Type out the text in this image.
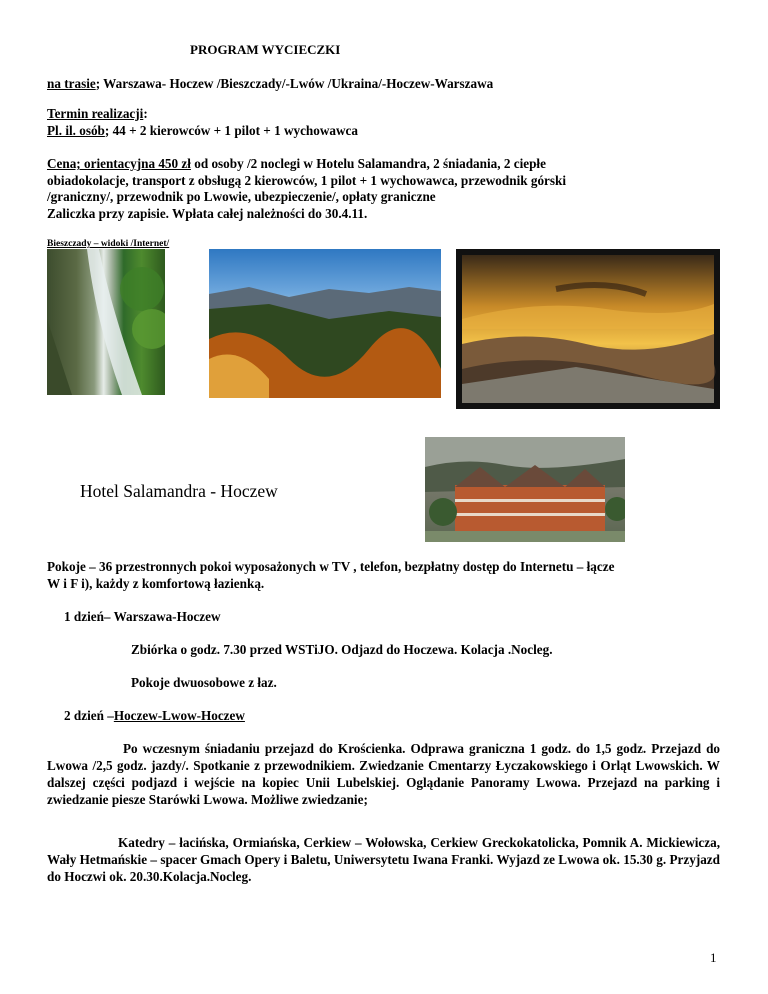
PROGRAM WYCIECZKI
na trasie; Warszawa- Hoczew /Bieszczady/-Lwów /Ukraina/-Hoczew-Warszawa
Termin realizacji:
Pl. il. osób; 44 + 2 kierowców + 1 pilot + 1 wychowawca
Cena; orientacyjna 450 zł od osoby /2 noclegi w Hotelu Salamandra, 2 śniadania, 2 ciepłe
obiadokolacje, transport z obsługą 2 kierowców, 1 pilot + 1 wychowawca, przewodnik górski
/graniczny/, przewodnik po Lwowie, ubezpieczenie/, opłaty graniczne
Zaliczka przy zapisie. Wpłata całej należności do 30.4.11.
Bieszczady – widoki /Internet/
Hotel Salamandra - Hoczew
Pokoje – 36 przestronnych pokoi wyposażonych w TV , telefon, bezpłatny dostęp do Internetu – łącze
W i F i), każdy z komfortową łazienką.
1 dzień– Warszawa-Hoczew
Zbiórka o godz. 7.30 przed WSTiJO. Odjazd do Hoczewa. Kolacja .Nocleg.
Pokoje dwuosobowe z łaz.
2 dzień –Hoczew-Lwow-Hoczew
Po wczesnym śniadaniu przejazd do Krościenka. Odprawa graniczna 1 godz. do 1,5 godz. Przejazd do Lwowa /2,5 godz. jazdy/. Spotkanie z przewodnikiem. Zwiedzanie Cmentarzy Łyczakowskiego i Orląt Lwowskich. W dalszej części podjazd i wejście na kopiec Unii Lubelskiej. Oglądanie Panoramy Lwowa. Przejazd na parking i zwiedzanie piesze Starówki Lwowa. Możliwe zwiedzanie;
Katedry – łacińska, Ormiańska, Cerkiew – Wołowska, Cerkiew Greckokatolicka, Pomnik A. Mickiewicza, Wały Hetmańskie – spacer Gmach Opery i Baletu, Uniwersytetu Iwana Franki. Wyjazd ze Lwowa ok. 15.30 g. Przyjazd do Hoczwi ok. 20.30.Kolacja.Nocleg.
1
